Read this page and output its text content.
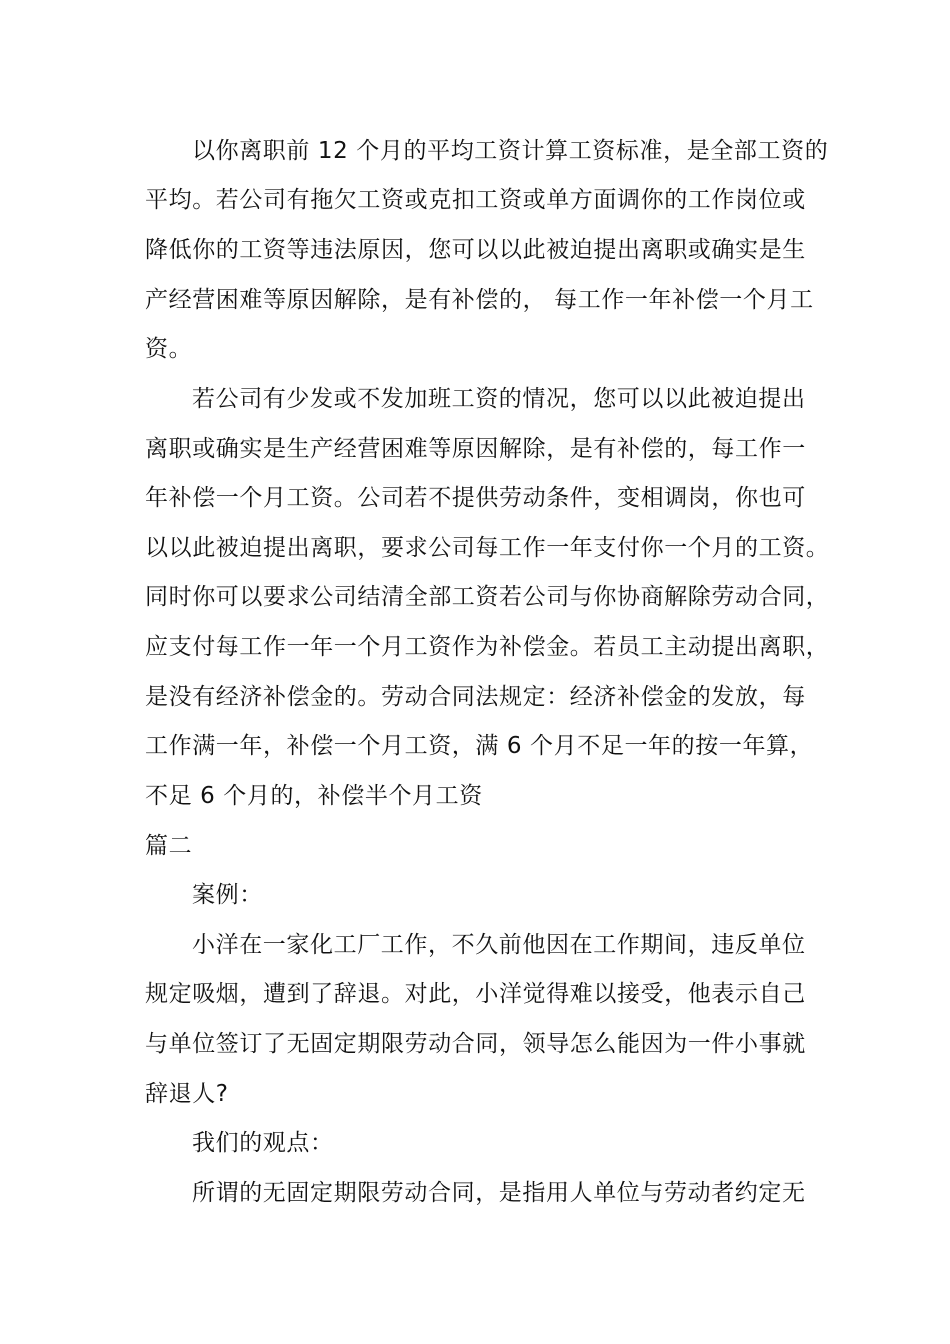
以你离职前 12 个月的平均工资计算工资标准，是全部工资的
平均。若公司有拖欠工资或克扣工资或单方面调你的工作岗位或
降低你的工资等违法原因，您可以以此被迫提出离职或确实是生
产经营困难等原因解除，是有补偿的， 每工作一年补偿一个月工
资。
若公司有少发或不发加班工资的情况，您可以以此被迫提出
离职或确实是生产经营困难等原因解除，是有补偿的，每工作一
年补偿一个月工资。公司若不提供劳动条件，变相调岗，你也可
以以此被迫提出离职，要求公司每工作一年支付你一个月的工资。
同时你可以要求公司结清全部工资若公司与你协商解除劳动合同，
应支付每工作一年一个月工资作为补偿金。若员工主动提出离职，
是没有经济补偿金的。劳动合同法规定：经济补偿金的发放，每
工作满一年，补偿一个月工资，满 6 个月不足一年的按一年算，
不足 6 个月的，补偿半个月工资
篇二
案例：
小洋在一家化工厂工作，不久前他因在工作期间，违反单位
规定吸烟，遭到了辞退。对此，小洋觉得难以接受，他表示自己
与单位签订了无固定期限劳动合同，领导怎么能因为一件小事就
辞退人?
我们的观点：
所谓的无固定期限劳动合同，是指用人单位与劳动者约定无
